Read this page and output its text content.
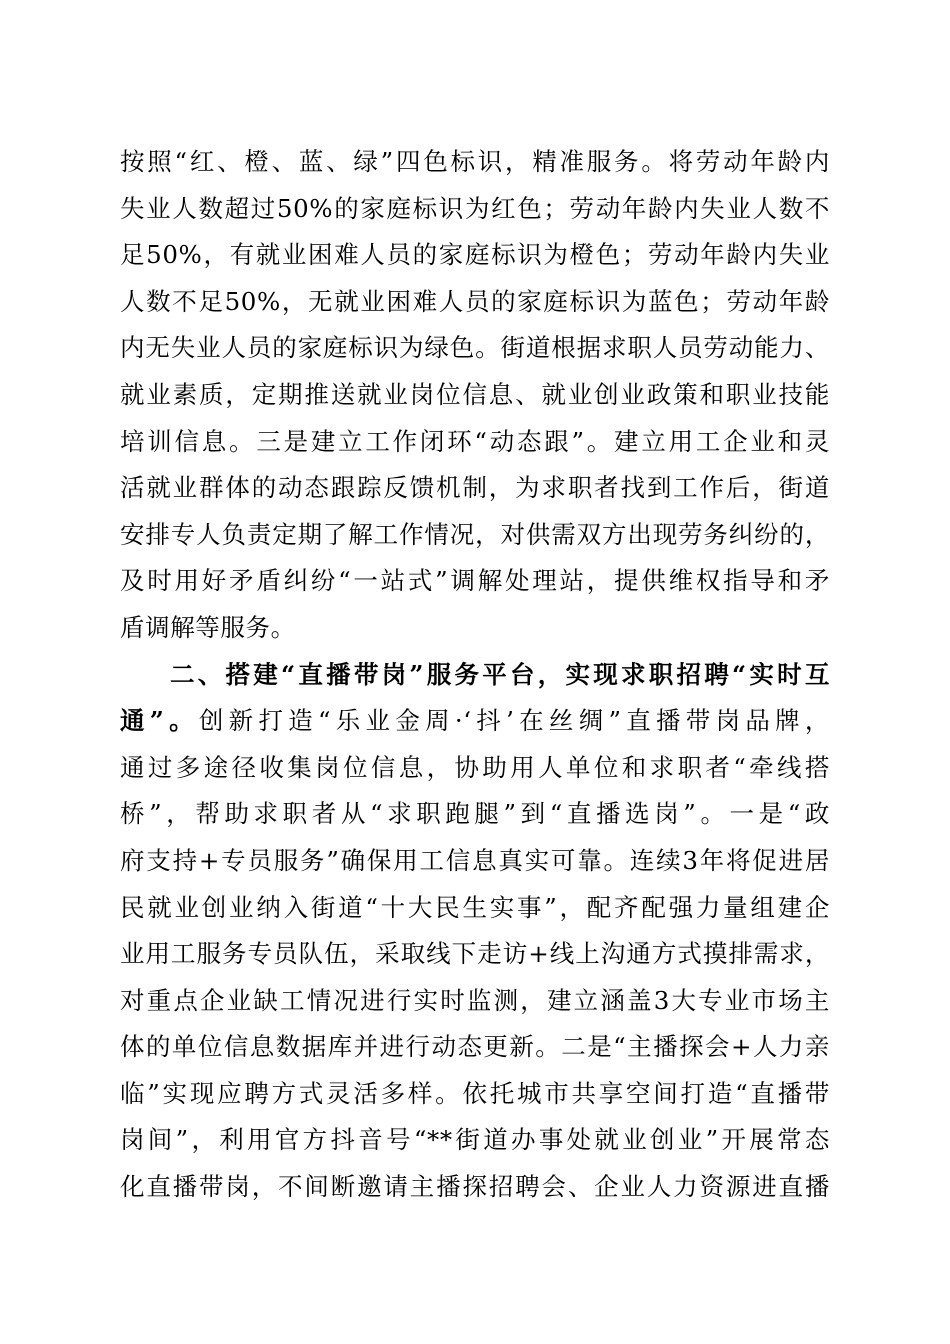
按照“红、橙、蓝、绿”四色标识，精准服务。将劳动年龄内
失业人数超过50%的家庭标识为红色；劳动年龄内失业人数不
足50%，有就业困难人员的家庭标识为橙色；劳动年龄内失业
人数不足50%，无就业困难人员的家庭标识为蓝色；劳动年龄
内无失业人员的家庭标识为绿色。街道根据求职人员劳动能力、
就业素质，定期推送就业岗位信息、就业创业政策和职业技能
培训信息。三是建立工作闭环“动态跟”。建立用工企业和灵
活就业群体的动态跟踪反馈机制，为求职者找到工作后，街道
安排专人负责定期了解工作情况，对供需双方出现劳务纠纷的，
及时用好矛盾纠纷“一站式”调解处理站，提供维权指导和矛
盾调解等服务。
二、搭建“直播带岗”服务平台，实现求职招聘“实时互
通”。创新打造“乐业金周·‘抖’在丝绸”直播带岗品牌，
通过多途径收集岗位信息，协助用人单位和求职者“牵线搭
桥”，帮助求职者从“求职跑腿”到“直播选岗”。一是“政
府支持+专员服务”确保用工信息真实可靠。连续3年将促进居
民就业创业纳入街道“十大民生实事”，配齐配强力量组建企
业用工服务专员队伍，采取线下走访+线上沟通方式摸排需求，
对重点企业缺工情况进行实时监测，建立涵盖3大专业市场主
体的单位信息数据库并进行动态更新。二是“主播探会+人力亲
临”实现应聘方式灵活多样。依托城市共享空间打造“直播带
岗间”，利用官方抖音号“**街道办事处就业创业”开展常态
化直播带岗，不间断邀请主播探招聘会、企业人力资源进直播
